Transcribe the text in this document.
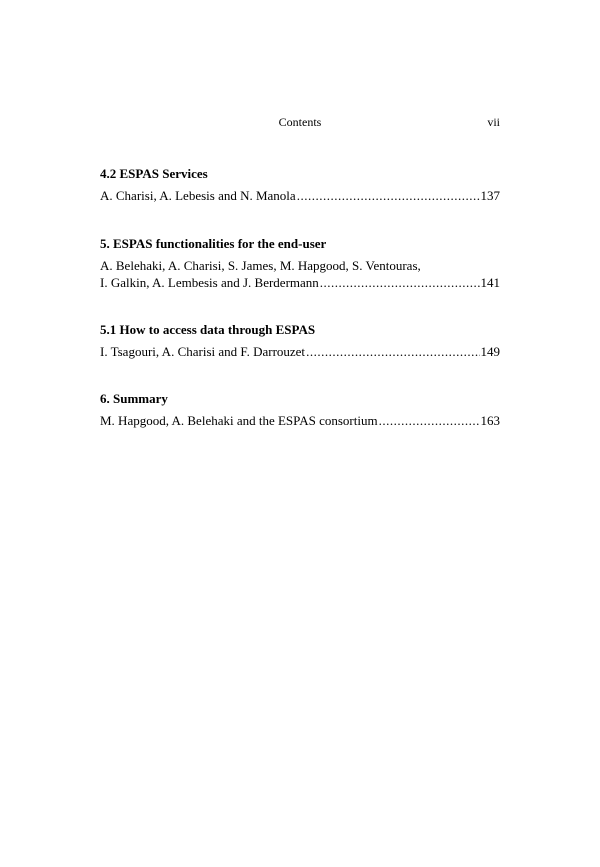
Contents	vii
4.2 ESPAS Services
A. Charisi, A. Lebesis and N. Manola .....	137
5. ESPAS functionalities for the end-user
A. Belehaki, A. Charisi, S. James, M. Hapgood, S. Ventouras,
I. Galkin, A. Lembesis and J. Berdermann .....	141
5.1 How to access data through ESPAS
I. Tsagouri, A. Charisi and F. Darrouzet .....	149
6. Summary
M. Hapgood, A. Belehaki and the ESPAS consortium .....	163
